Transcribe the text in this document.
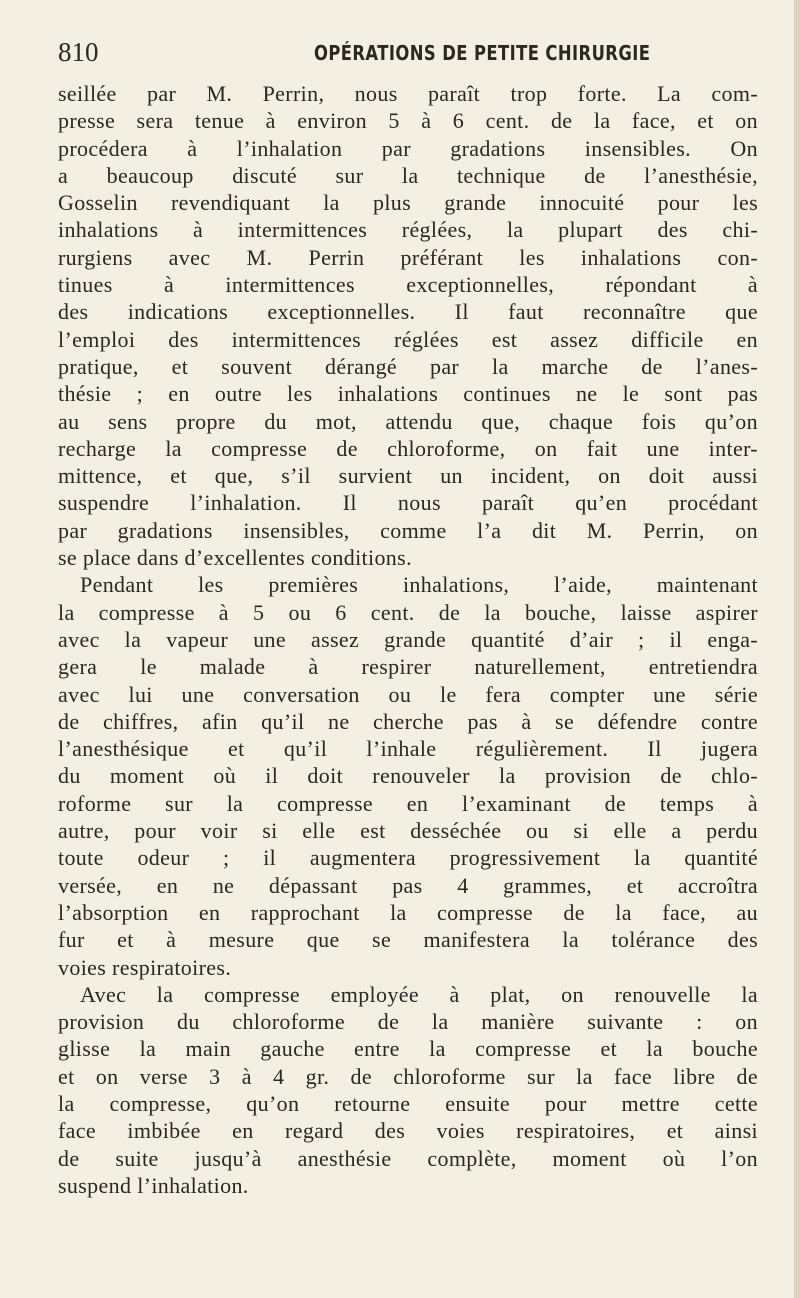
810	OPÉRATIONS DE PETITE CHIRURGIE
seillée par M. Perrin, nous paraît trop forte. La com-
presse sera tenue à environ 5 à 6 cent. de la face, et on
procédera à l’inhalation par gradations insensibles. On
a beaucoup discuté sur la technique de l’anesthésie,
Gosselin revendiquant la plus grande innocuité pour les
inhalations à intermittences réglées, la plupart des chi-
rurgiens avec M. Perrin préférant les inhalations con-
tinues à intermittences exceptionnelles, répondant à
des indications exceptionnelles. Il faut reconnaître que
l’emploi des intermittences réglées est assez difficile en
pratique, et souvent dérangé par la marche de l’anes-
thésie ; en outre les inhalations continues ne le sont pas
au sens propre du mot, attendu que, chaque fois qu’on
recharge la compresse de chloroforme, on fait une inter-
mittence, et que, s’il survient un incident, on doit aussi
suspendre l’inhalation. Il nous paraît qu’en procédant
par gradations insensibles, comme l’a dit M. Perrin, on
se place dans d’excellentes conditions.
Pendant les premières inhalations, l’aide, maintenant
la compresse à 5 ou 6 cent. de la bouche, laisse aspirer
avec la vapeur une assez grande quantité d’air ; il enga-
gera le malade à respirer naturellement, entretiendra
avec lui une conversation ou le fera compter une série
de chiffres, afin qu’il ne cherche pas à se défendre contre
l’anesthésique et qu’il l’inhale régulièrement. Il jugera
du moment où il doit renouveler la provision de chlo-
roforme sur la compresse en l’examinant de temps à
autre, pour voir si elle est desséchée ou si elle a perdu
toute odeur ; il augmentera progressivement la quantité
versée, en ne dépassant pas 4 grammes, et accroîtra
l’absorption en rapprochant la compresse de la face, au
fur et à mesure que se manifestera la tolérance des
voies respiratoires.
Avec la compresse employée à plat, on renouvelle la
provision du chloroforme de la manière suivante : on
glisse la main gauche entre la compresse et la bouche
et on verse 3 à 4 gr. de chloroforme sur la face libre de
la compresse, qu’on retourne ensuite pour mettre cette
face imbibée en regard des voies respiratoires, et ainsi
de suite jusqu’à anesthésie complète, moment où l’on
suspend l’inhalation.
